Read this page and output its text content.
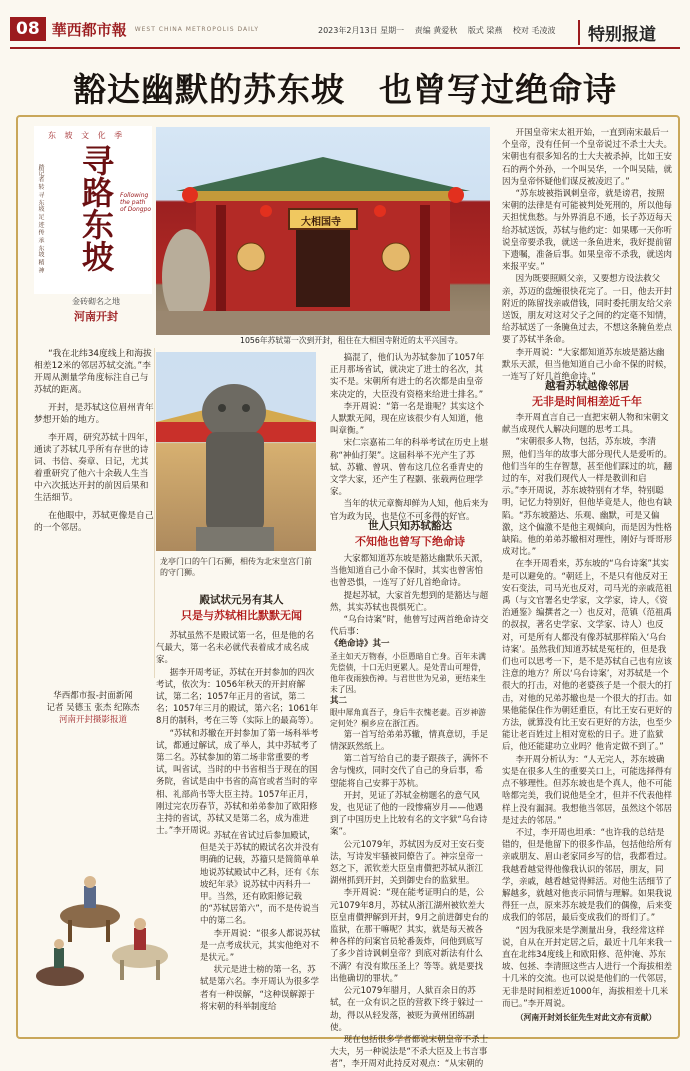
08 華西都市報 WEST CHINA METROPOLIS DAILY	2023年2月13日 星期一 责编 黄爱秋 版式 梁燕 校对 毛凌波	特别报道
豁达幽默的苏东坡　也曾写过绝命诗
东 坡 文 化 季
寻路东坡
踏记者 转 寻 东坡 足 迹 传 承 东坡 精 神	Following the path of Dongpo
金砖砌名之地
河南开封

“我在北纬34度线上和海拔相差12米的邻居苏轼交流。”李开周从测量学角度标注自己与苏轼的距离。

开封，是苏轼这位眉州青年梦想开始的地方。

李开周，研究苏轼十四年，通读了苏轼几乎所有存世的诗词、书信、奏章、日记，尤其着重研究了他六十余载人生当中六次抵达开封的前因后果和生活细节。

在他眼中，苏轼更像是自己的一个邻居。

华西都市报-封面新闻
记者 吴德玉 张杰 纪陈杰
河南开封摄影报道
大相国寺
1056年苏轼第一次到开封，租住在大相国寺附近的太平兴国寺。
龙亭门口的午门石狮，相传为北宋皇宫门前的守门狮。
殿试状元另有其人
只是与苏轼相比默默无闻

苏轼虽然不是殿试第一名，但是他的名气最大，第一名未必就代表着成才成名成家。

据李开周考证，苏轼在开封参加的四次考试，依次为：1056年秋天的开封府解试，第二名；1057年正月的省试，第二名；1057年三月的殿试，第六名；1061年8月的制科，考在三等（实际上的最高等）。

“苏轼和苏辙在开封参加了第一场科举考试，都通过解试，成了举人，其中苏轼考了第二名。苏轼参加的第二场非常重要的考试，叫省试，当时的中书省相当于现在的国务院，省试是由中书省的高官或者当时的宰相、礼部尚书等大臣主持。1057年正月，刚过完农历春节，苏轼和弟弟参加了欧阳修主持的省试，苏轼又是第二名，成为准进士。”李开周说。

苏轼在省试过后参加殿试，但是关于苏轼的殿试名次并没有明确的记载，苏籀只是简简单单地说苏轼殿试中乙科，还有《东坡纪年录》说苏轼中丙科升一甲。当然，还有欧阳修记载的“苏轼居第六”，而不是传说当中的第二名。

李开周说：“很多人都说苏轼是一点考成状元，其实他绝对不是状元。”

状元是进士榜的第一名，苏轼是第六名。李开周认为很多学者有一种误解，“这种误解源于将宋朝的科举制度给

搞混了，他们认为苏轼参加了1057年正月那场省试，就决定了进士的名次，其实不是。宋朝所有进士的名次都是由皇帝来决定的，大臣没有资格来给进士排名。”

李开周说：“第一名是谁呢？其实这个人默默无闻，现在应该很少有人知道，他叫章衡。”

宋仁宗嘉祐二年的科举考试在历史上堪称“神仙打架”。这届科举不光产生了苏轼、苏辙、曾巩、曾布这几位名垂青史的文学大家，还产生了程颢、张载两位理学家。

当年的状元章衡却鲜为人知，他后来为官为政为民，也是位不可多得的好官。

世人只知苏轼豁达
不知他也曾写下绝命诗

大家都知道苏东坡是豁达幽默乐天派，当他知道自己小命不保时，其实也曾害怕也曾恐惧，一连写了好几首绝命诗。

提起苏轼，大家首先想到的是豁达与超然，其实苏轼也畏惧死亡。

“乌台诗案”时，他曾写过两首绝命诗交代后事：

《绝命诗》其一

圣主如天万物春，小臣愚暗自亡身。百年未满先偿债，十口无归更累人。是处青山可埋骨，他年夜雨独伤神。与君世世为兄弟，更结来生未了因。

其二

眼中犀角真吾子，身后牛衣愧老妻。百岁神游定何处？桐乡应在浙江西。

第一首写给弟弟苏辙，情真意切，手足情深跃然纸上。

第二首写给自己的妻子跟孩子，满怀不舍与愧疚，同时交代了自己的身后事，希望能将自己安葬于苏杭。

开封，见证了苏轼金榜题名的意气风发，也见证了他的一段惨痛岁月——他遇到了中国历史上比较有名的文字狱“乌台诗案”。

公元1079年，苏轼因为反对王安石变法，写诗发牢骚被同僚告了。神宗皇帝一怒之下，派钦差大臣皇甫儧把苏轼从浙江湖州抓到开封，关到御史台的监狱里。

李开周说：“现在能考证明白的是，公元1079年8月，苏轼从浙江湖州被钦差大臣皇甫儧押解到开封，9月之前进御史台的监狱，在那干嘛呢？其实，就是每天被各种各样的问案官员轮番轰炸，问他到底写了多少首诗讽刺皇帝？到底对新法有什么不满？有没有欺压圣上？等等。就是要找出他确切的罪状。”

公元1079年腊月，人狱百余日的苏轼，在一众有识之臣的营救下终于躲过一劫，得以从轻发落，被贬为黄州团练副使。

现在包括很多学者都说宋朝皇帝不杀士大夫，另一种说法是“不杀大臣及上书言事者”，李开周对此持反对观点：“从宋朝的

开国皇帝宋太祖开始，一直到南宋最后一个皇帝，没有任何一个皇帝说过不杀士大夫。宋朝也有很多知名的士大夫被杀掉，比如王安石的两个外孙，一个叫吴华，一个叫吴陆，就因为皇帝怀疑他们谋反被凌迟了。”

“苏东坡被指讽刺皇帝，就是谤君，按照宋朝的法律是有可能被判处死刑的，所以他每天担忧焦愁。与外界消息不通，长子苏迈每天给苏轼送饭，苏轼与他约定：如果哪一天你听说皇帝要杀我，就送一条鱼进来，我好提前留下遗嘱，准备后事。如果皇帝不杀我，就送肉来报平安。”

因为既要照顾父亲，又要想方设法救父亲，苏迈的盘缠很快花完了。一日，他去开封附近的陈留找亲戚借钱，同时委托朋友给父亲送饭，朋友对这对父子之间的约定毫不知情，给苏轼送了一条腌鱼过去，不想这条腌鱼差点要了苏轼半条命。

李开周说：“大家都知道苏东坡是豁达幽默乐天派，但当他知道自己小命不保的时候，一连写了好几首绝命诗。”

越看苏轼越像邻居
无非是时间相差近千年

李开周直言自己一直把宋朝人物和宋朝文献当成现代人解决问题的思考工具。

“宋朝很多人物，包括，苏东坡，李清照，他们当年的故事大部分现代人是爱听的。他们当年的生存智慧，甚至他们踩过的坑，翻过的车，对我们现代人一样是教训和启示。”李开周说，苏东坡特别有才华，特别聪明，记忆力特别好，但他毕竟是人，他也有缺陷。“苏东坡豁达、乐观、幽默，可是又偏激，这个偏激不是他主观倾向，而是因为性格缺陷。他的弟弟苏辙相对理性，刚好与哥哥形成对比。”

在李开周看来，苏东坡的“乌台诗案”其实是可以避免的。“朝廷上，不是只有他反对王安石变法，司马光也反对，司马光的亲戚范祖禹（与文官署名史学家，文学家，诗人，《资治通鉴》编撰者之一）也反对，范镇（范祖禹的叔叔，著名史学家、文学家、诗人）也反对，可是所有人都没有像苏轼那样陷入‘乌台诗案’。虽然我们知道苏轼是冤枉的，但是我们也可以思考一下，是不是苏轼自己也有应该注意的地方？所以‘乌台诗案’，对苏轼是一个很大的打击，对他的老婆孩子是一个很大的打击，对他的兄弟苏辙也是一个很大的打击。如果他能保住作为朝廷重臣，有比王安石更好的方法，就算没有比王安石更好的方法，也至少能让老百姓过上相对宽松的日子。进了监狱后，他还能建功立业吗？他肯定做不到了。”

李开周分析认为：“人无完人，苏东坡确实是在很多人生的重要关口上，可能选择得有点不够理性。但苏东坡也是个真人，他不可能啥都完美，我们说他是全才，但并不代表他样样上没有漏洞。我想他当邻居，虽然这个邻居是过去的邻居。”

不过，李开周也坦承：“也许我的总结是错的，但是他留下的很多作品，包括他给所有亲戚朋友、眉山老家同乡写的信，我都看过。我越看越觉得他像我认识的邻居，朋友，同学，亲戚，越看越觉得鲜活。对他生活细节了解越多，就越对他丧示同情与理解。如果我说得狂一点，原来苏东坡是我们的偶像，后来变成我们的邻居，最后变成我们的哥们了。”

“因为我原来是学测量出身，我经常这样说，自从在开封定居之后，最近十几年来我一直在北纬34度线上和欧阳修、范仲淹、苏东坡、包拯、李清照这些古人进行一个海拔相差十几米的交流。也可以说是他们的一代邻居，无非是时间相差近1000年，海拔相差十几米而已。”李开周说。

（河南开封刘长征先生对此文亦有贡献）
